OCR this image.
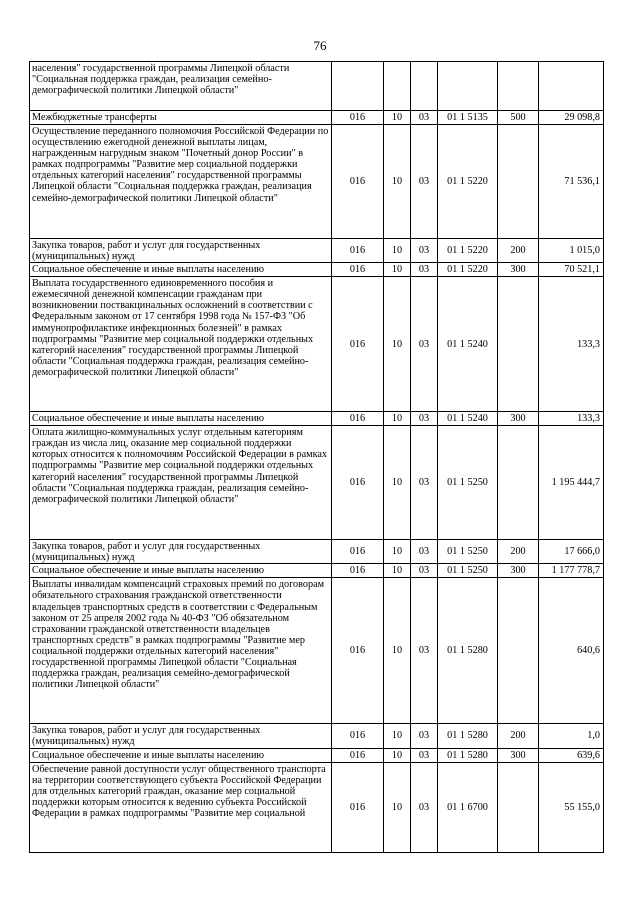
76
населения" государственной программы Липецкой области "Социальная поддержка граждан, реализация семейно-демографической политики Липецкой области"						
Межбюджетные трансферты	016	10	03	01 1 5135	500	29 098,8
Осуществление переданного полномочия Российской Федерации по осуществлению ежегодной денежной выплаты лицам, награжденным нагрудным знаком "Почетный донор России" в рамках подпрограммы "Развитие мер социальной поддержки отдельных категорий населения" государственной программы Липецкой области "Социальная поддержка граждан, реализация семейно-демографической политики Липецкой области"	016	10	03	01 1 5220		71 536,1
Закупка товаров, работ и услуг для государственных (муниципальных) нужд	016	10	03	01 1 5220	200	1 015,0
Социальное обеспечение и иные выплаты населению	016	10	03	01 1 5220	300	70 521,1
Выплата государственного единовременного пособия и ежемесячной денежной компенсации гражданам при возникновении поствакцинальных осложнений в соответствии с Федеральным законом от 17 сентября 1998 года № 157-ФЗ "Об иммунопрофилактике инфекционных болезней" в рамках подпрограммы "Развитие мер социальной поддержки отдельных категорий населения" государственной программы Липецкой области "Социальная поддержка граждан, реализация семейно-демографической политики Липецкой области"	016	10	03	01 1 5240		133,3
Социальное обеспечение и иные выплаты населению	016	10	03	01 1 5240	300	133,3
Оплата жилищно-коммунальных услуг отдельным категориям граждан из числа лиц, оказание мер социальной поддержки которых относится к полномочиям Российской Федерации в рамках подпрограммы "Развитие мер социальной поддержки отдельных категорий населения" государственной программы Липецкой области "Социальная поддержка граждан, реализация семейно-демографической политики Липецкой области"	016	10	03	01 1 5250		1 195 444,7
Закупка товаров, работ и услуг для государственных (муниципальных) нужд	016	10	03	01 1 5250	200	17 666,0
Социальное обеспечение и иные выплаты населению	016	10	03	01 1 5250	300	1 177 778,7
Выплаты инвалидам компенсаций страховых премий по договорам обязательного страхования гражданской ответственности владельцев транспортных средств в соответствии с Федеральным законом от 25 апреля 2002 года № 40-ФЗ "Об обязательном страховании гражданской ответственности владельцев транспортных средств" в рамках подпрограммы "Развитие мер социальной поддержки отдельных категорий населения" государственной программы Липецкой области "Социальная поддержка граждан, реализация семейно-демографической политики Липецкой области"	016	10	03	01 1 5280		640,6
Закупка товаров, работ и услуг для государственных (муниципальных) нужд	016	10	03	01 1 5280	200	1,0
Социальное обеспечение и иные выплаты населению	016	10	03	01 1 5280	300	639,6
Обеспечение равной доступности услуг общественного транспорта на территории соответствующего субъекта Российской Федерации для отдельных категорий граждан, оказание мер социальной поддержки которым относится к ведению субъекта Российской Федерации в рамках подпрограммы "Развитие мер социальной	016	10	03	01 1 6700		55 155,0
